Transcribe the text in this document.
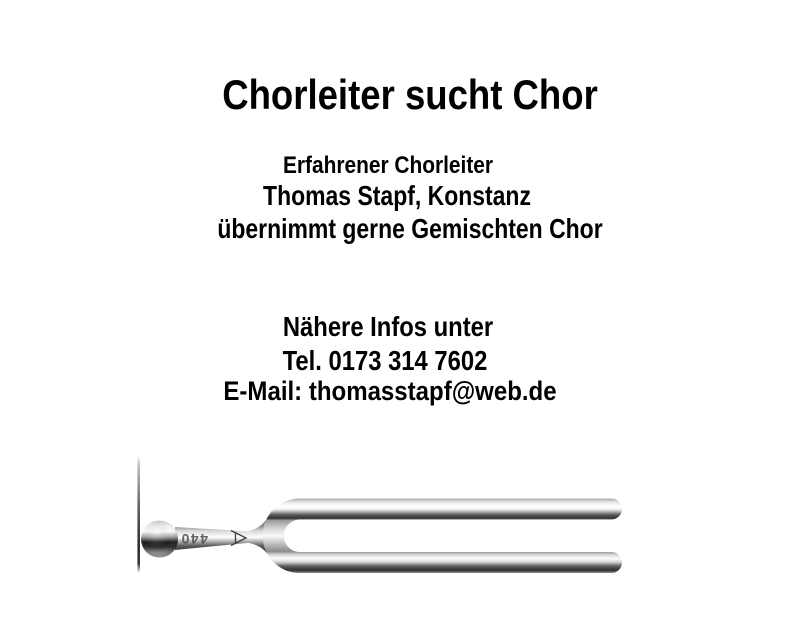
Chorleiter sucht Chor
Erfahrener Chorleiter
Thomas Stapf, Konstanz
übernimmt gerne Gemischten Chor
Nähere Infos unter
Tel. 0173 314 7602
E-Mail: thomasstapf@web.de
440
